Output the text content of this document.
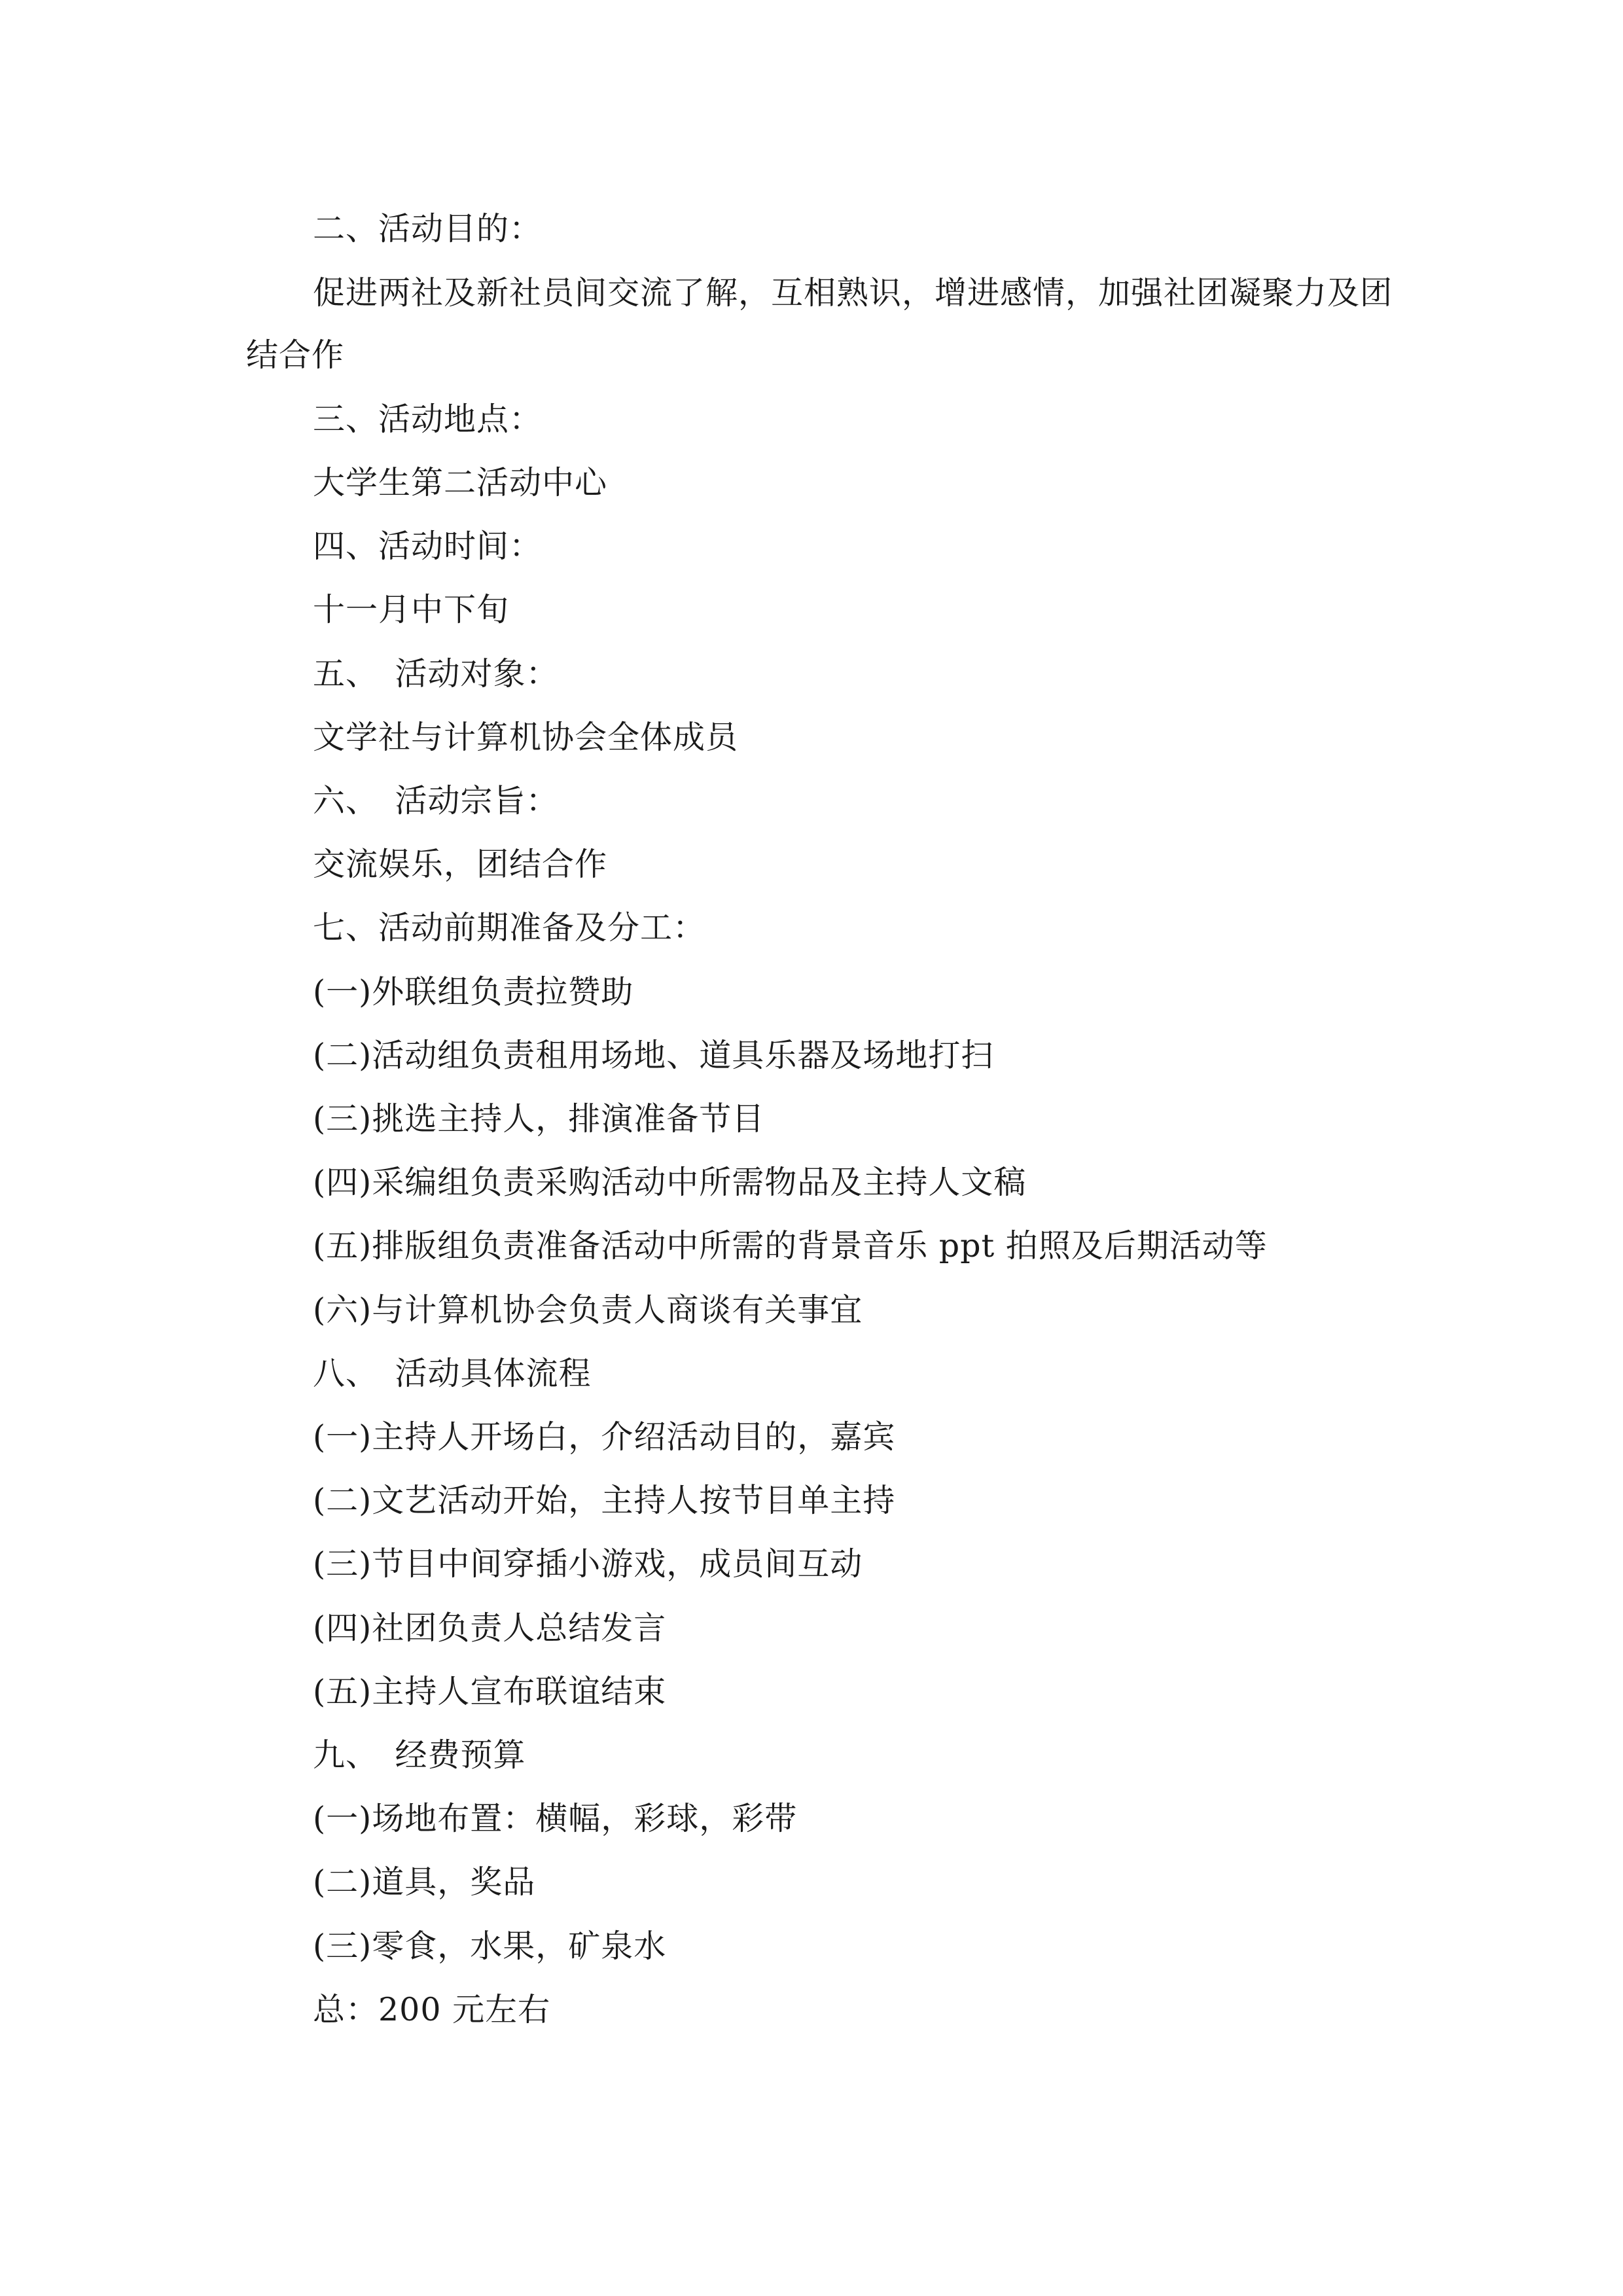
二、活动目的：
促进两社及新社员间交流了解，互相熟识，增进感情，加强社团凝聚力及团
结合作
三、活动地点：
大学生第二活动中心
四、活动时间：
十一月中下旬
五、　活动对象：
文学社与计算机协会全体成员
六、　活动宗旨：
交流娱乐，团结合作
七、活动前期准备及分工：
(一)外联组负责拉赞助
(二)活动组负责租用场地、道具乐器及场地打扫
(三)挑选主持人，排演准备节目
(四)采编组负责采购活动中所需物品及主持人文稿
(五)排版组负责准备活动中所需的背景音乐 ppt 拍照及后期活动等
(六)与计算机协会负责人商谈有关事宜
八、　活动具体流程
(一)主持人开场白，介绍活动目的，嘉宾
(二)文艺活动开始，主持人按节目单主持
(三)节目中间穿插小游戏，成员间互动
(四)社团负责人总结发言
(五)主持人宣布联谊结束
九、　经费预算
(一)场地布置：横幅，彩球，彩带
(二)道具，奖品
(三)零食，水果，矿泉水
总：200 元左右
